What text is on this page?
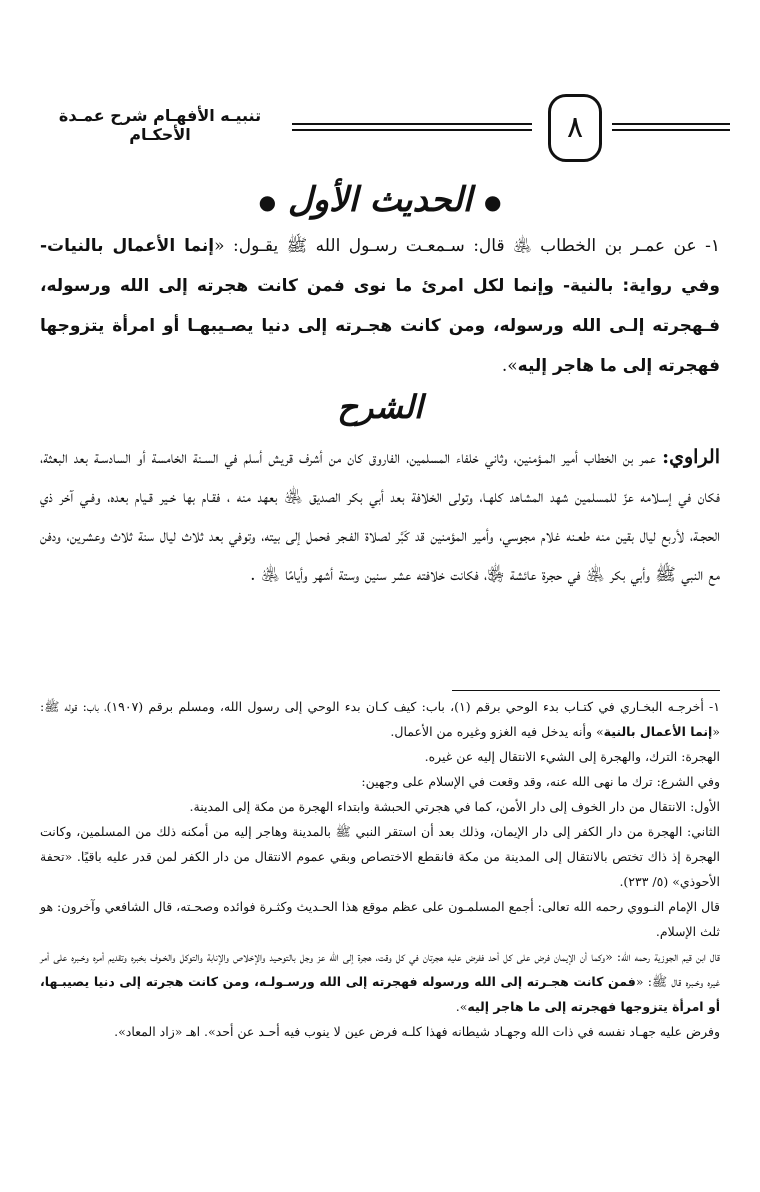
٨
تنبيـه الأفهـام شرح عمـدة الأحكـام
● الحديث الأول ●
١- عن عمـر بن الخطاب ﵁ قال: سـمعـت رسـول الله ﷺ يقـول: «إنما الأعمال بالنيات- وفي رواية: بالنية- وإنما لكل امرئ ما نوى فمن كانت هجرته إلى الله ورسوله، فـهجرته إلـى الله ورسوله، ومن كانت هجـرته إلى دنيا يصـيبهـا أو امرأة يتزوجها فهجرته إلى ما هاجر إليه».
الشرح
الراوي: عمر بن الخطاب أمير المـؤمنين، وثاني خلفاء المسلمين، الفاروق كان من أشرف قريش أسلم في السـنة الخامسة أو السادسـة بعد البعثة، فكان في إسـلامه عزّ للمسلمين شهد المشاهد كلهـا، وتولى الخلافة بعد أبي بكر الصديق ﵁ بعهد منه ، فقـام بها خـير قـيام بعده، وفـي آخر ذي الحجـة، لأربع ليال بقين منه طعـنه غلام مجوسي، وأمير المؤمنين قد كَبَّر لصلاة الفـجر فحمل إلى بيته، وتوفي بعد ثلاث ليال سنة ثلاث وعشرين، ودفن مع النبي ﷺ وأبي بكر ﵁ في حجرة عائشة ﵂، فكانت خلافته عشر سنين وستة أشهر وأيامًا ﵁ .

١- أخرجـه البخـاري في كتـاب بدء الوحي برقم (١)، باب: كيف كـان بدء الوحي إلى رسول الله، ومسلم برقم (١٩٠٧)، باب: قوله ﷺ: «إنما الأعمال بالنية» وأنه يدخل فيه الغزو وغيره من الأعمال.

الهجرة: الترك، والهجرة إلى الشيء الانتقال إليه عن غيره.

وفي الشرع: ترك ما نهى الله عنه، وقد وقعت في الإسلام على وجهين:

الأول: الانتقال من دار الخوف إلى دار الأمن، كما في هجرتي الحبشة وابتداء الهجرة من مكة إلى المدينة.

الثاني: الهجرة من دار الكفر إلى دار الإيمان، وذلك بعد أن استقر النبي ﷺ بالمدينة وهاجر إليه من أمكنه ذلك من المسلمين، وكانت الهجرة إذ ذاك تختص بالانتقال إلى المدينة من مكة فانقطع الاختصاص وبقي عموم الانتقال من دار الكفر لمن قدر عليه باقيًا. «تحفة الأحوذي» (٥/ ٢٣٣).

قال الإمام النـووي رحمه الله تعالى: أجمع المسلمـون على عظم موقع هذا الحـديث وكثـرة فوائده وصحـته، قال الشافعي وآخرون: هو ثلث الإسلام.

قال ابن قيم الجوزية رحمه الله: «وكما أن الإيمان فرض على كل أحد ففرض عليه هجرتان في كل وقت، هجرة إلى الله عز وجل بالتوحـيد والإخلاص والإنابة والتوكل والخـوف بخبره وتقديم أمره وخـبره على أمر غيره وخـبره قال ﷺ: «فمن كانت هجـرته إلى الله ورسوله فهجرته إلى الله ورسـولـه، ومن كانت هجرته إلى دنيا يصيبـها، أو امرأة يتزوجها فهجرته إلى ما هاجر إليه».

وفرض عليه جهـاد نفسه في ذات الله وجهـاد شيطانه فهذا كلـه فرض عين لا ينوب فيه أحـد عن أحد». اهـ «زاد المعاد».
